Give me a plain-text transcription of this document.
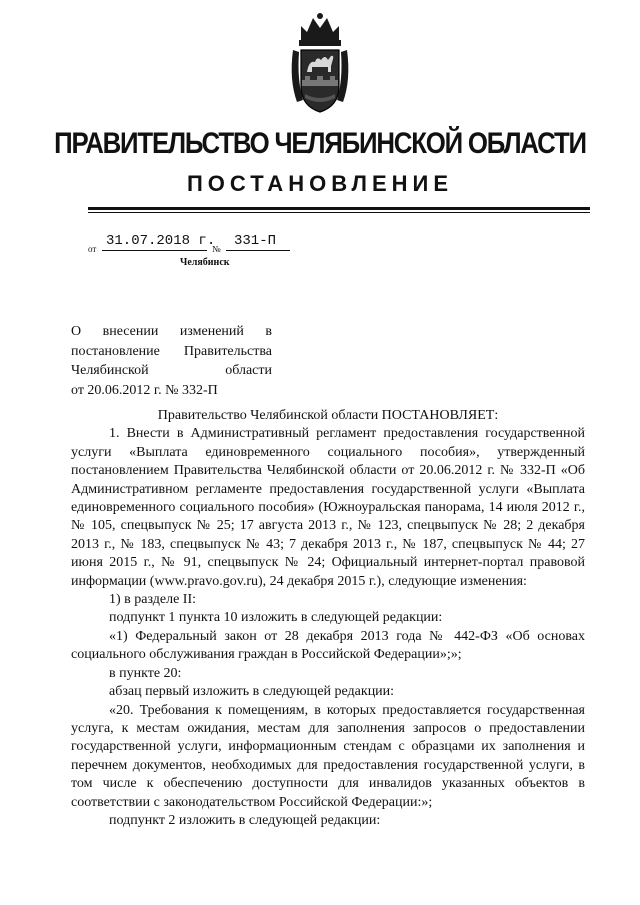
ПРАВИТЕЛЬСТВО ЧЕЛЯБИНСКОЙ ОБЛАСТИ
ПОСТАНОВЛЕНИЕ
от 31.07.2018 г.
№ 331-П
Челябинск
О внесении изменений в
постановление Правительства
Челябинской области
от 20.06.2012 г. № 332-П

Правительство Челябинской области ПОСТАНОВЛЯЕТ:

1. Внести в Административный регламент предоставления государственной услуги «Выплата единовременного социального пособия», утвержденный постановлением Правительства Челябинской области от 20.06.2012 г. № 332-П «Об Административном регламенте предоставления государственной услуги «Выплата единовременного социального пособия» (Южноуральская панорама, 14 июля 2012 г., № 105, спецвыпуск № 25; 17 августа 2013 г., № 123, спецвыпуск № 28; 2 декабря 2013 г., № 183, спецвыпуск № 43; 7 декабря 2013 г., № 187, спецвыпуск № 44; 27 июня 2015 г., № 91, спецвыпуск № 24; Официальный интернет-портал правовой информации (www.pravo.gov.ru), 24 декабря 2015 г.), следующие изменения:

1) в разделе II:

подпункт 1 пункта 10 изложить в следующей редакции:

«1) Федеральный закон от 28 декабря 2013 года № 442-ФЗ «Об основах социального обслуживания граждан в Российской Федерации»;»;

в пункте 20:

абзац первый изложить в следующей редакции:

«20. Требования к помещениям, в которых предоставляется государственная услуга, к местам ожидания, местам для заполнения запросов о предоставлении государственной услуги, информационным стендам с образцами их заполнения и перечнем документов, необходимых для предоставления государственной услуги, в том числе к обеспечению доступности для инвалидов указанных объектов в соответствии с законодательством Российской Федерации:»;

подпункт 2 изложить в следующей редакции:
